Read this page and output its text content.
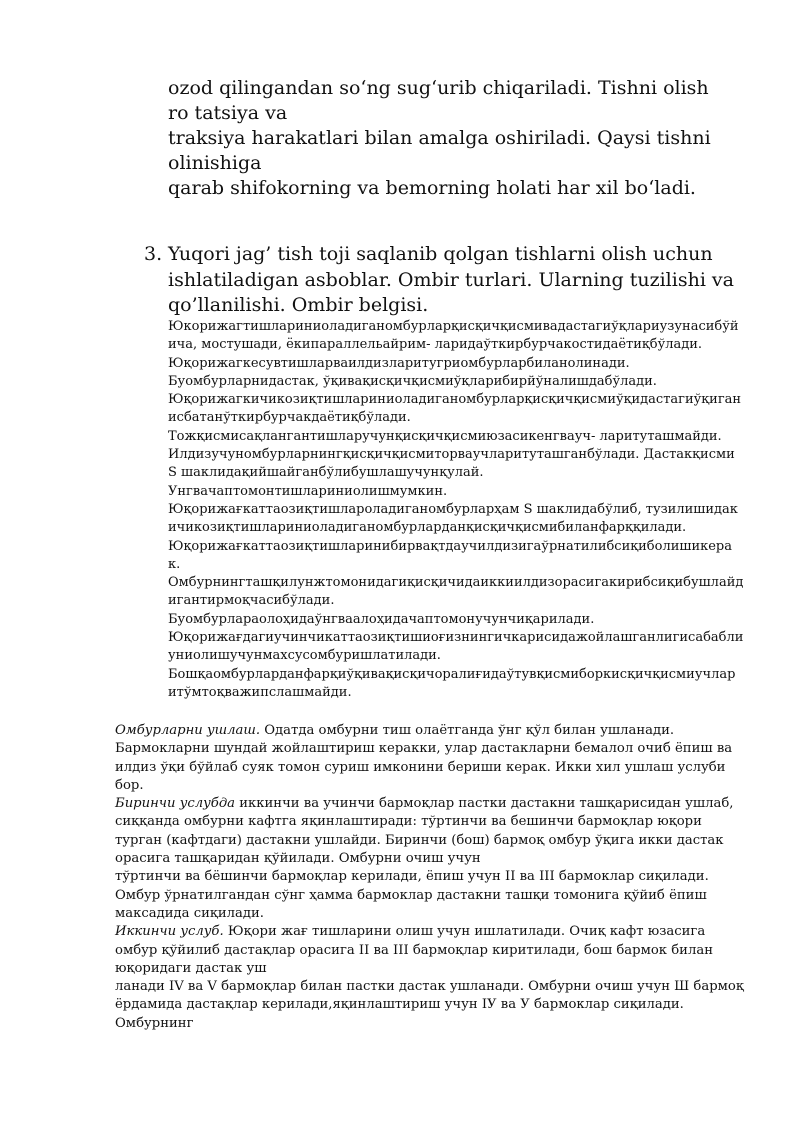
ozod qilingandan so‘ng sug‘urib chiqariladi. Tishni olish ro tatsiya va

traksiya harakatlari bilan amalga oshiriladi. Qaysi tishni olinishiga

qarab shifokorning va bemorning holati har xil bo‘ladi.

3. Yuqori jag’ tish toji saqlanib qolgan tishlarni olish uchun ishlatiladigan asboblar. Ombir turlari. Ularning tuzilishi va qo’llanilishi. Ombir belgisi.

Юкорижагтишлариниоладиганомбурларқисқичқисмивадастагиўқлариузунасибўйича, мостушади, ёкипараллельайрим- ларидаўткирбурчакостидаётиқбўлади.

Юқорижагкесувтишларваилдизларитугриомбурларбиланолинади.

Буомбурларнидастак, ўқивақисқичқисмиўқларибирйўналишдабўлади.

Юқорижагкичикозиқтишлариниоладиганомбурларқисқичқисмиўқидастагиўқиганисбатанўткирбурчакдаётиқбўлади.

Тожқисмисақлангантишларучунқисқичқисмиюзасикенгвауч- ларитуташмайди.

Илдизучуномбурларнингқисқичқисмиторвауч​ларитуташганбўлади. Дастакқисми S шаклидақийшайганбўлибушлашучунқулай.

Унгвачаптомонтишлариниолишмумкин.

Юқорижағкаттаозиқтишлароладиганомбурларҳам S шаклидабўлиб, тузилишидакичикозиқтишлариниоладиганомбурларданқисқичқисмибиланфарққилади.

Юқорижағкаттаозиқтишларинибирвақтдаучилдизигаўрнатилибсиқиболишикерак.

Омбурнингташқилунжтомонидагиқисқичидаиккиилдизорасигакирибсиқибушлайдигантирмоқчасибўлади.

Буомбурлараолоҳидаўнгваалоҳидачаптомонучунчиқарилади.

Юқорижағдагиучинчикаттаозиқтишиоғизнингичкарисидажойлашганлигисабаблиуниолишучунмахсусомбуришлатилади.

Бошқаомбурларданфарқиўқивақисқичоралиғидаўтувқисмиборкисқичқисмиучларитўмтоқважипслашмайди.

Омбурларни ушлаш. Одатда омбурни тиш олаётганда ўнг қўл билан ушланади. Бармокларни шундай жойлаштириш керакки, улар дастакларни бемалол очиб ёпиш ва илдиз ўқи бўйлаб суяк томон суриш имконини бериши керак. Икки хил ушлаш услуби бор.

Биринчи услубда иккинчи ва учинчи бармоқлар пастки дастакни ташқарисидан ушлаб, сиққанда омбурни кафтга яқинлаштиради: тўртинчи ва бешинчи бармоқлар юқори турган (кафтдаги) дастакни ушлайди. Биринчи (бош) бармоқ омбур ўқига икки дастак орасига ташқаридан қўйилади. Омбурни очиш учун

тўртинчи ва бёшинчи бармоқлар керилади, ёпиш учун II ва III бармоклар сиқилади. Омбур ўрнатилгандан сўнг ҳамма бармоклар дастакни ташқи томонига қўйиб ёпиш максадида сиқилади.

Иккинчи услуб. Юқори жағ тишларини олиш учун ишлатилади. Очиқ кафт юзасига омбур қўйилиб дастақлар орасига II ва III бармоқлар киритилади, бош бармок билан юқоридаги дастак уш

ланади IV ва V бармоқлар билан пастки дастак ушланади. Омбурни очиш учун Ш бармоқ ёрдамида дастақлар керилади,яқинлаштириш учун IУ ва У бармоклар сиқилади. Омбурнинг
